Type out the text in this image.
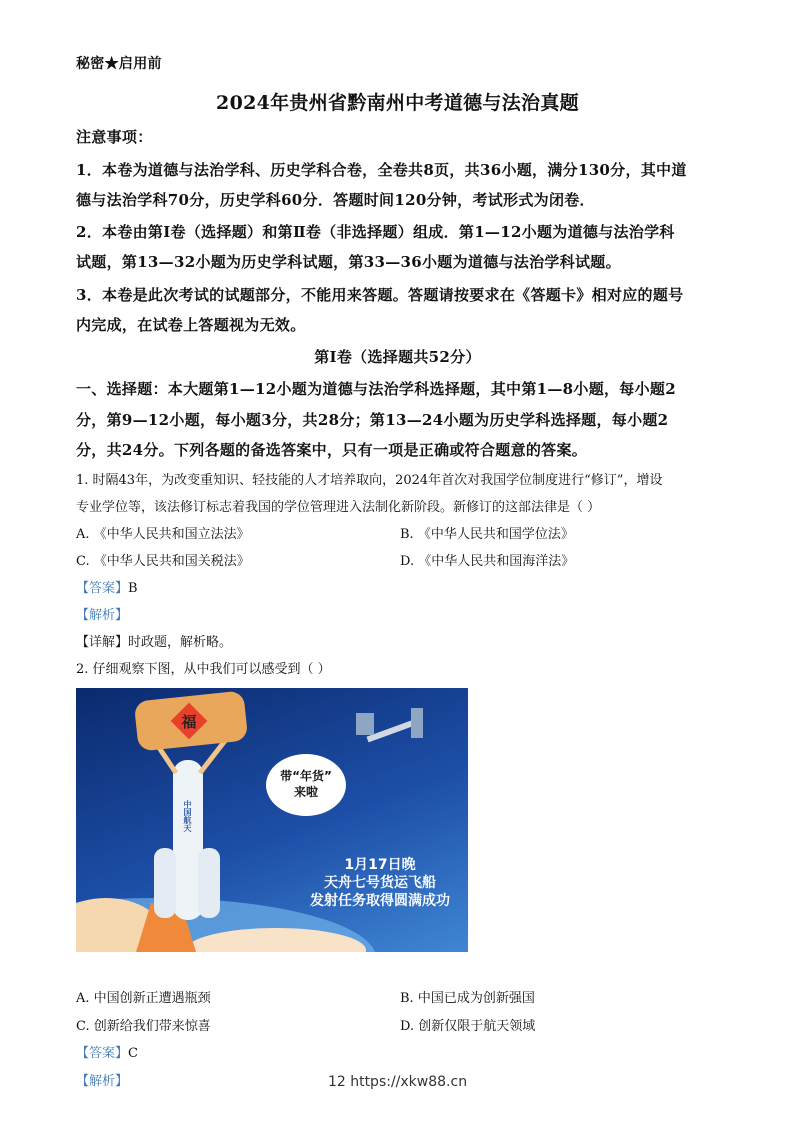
秘密★启用前
2024年贵州省黔南州中考道德与法治真题
注意事项：
1．本卷为道德与法治学科、历史学科合卷，全卷共8页，共36小题，满分130分，其中道
德与法治学科70分，历史学科60分．答题时间120分钟，考试形式为闭卷．
2．本卷由第Ⅰ卷（选择题）和第Ⅱ卷（非选择题）组成．第1—12小题为道德与法治学科
试题，第13—32小题为历史学科试题，第33—36小题为道德与法治学科试题。
3．本卷是此次考试的试题部分，不能用来答题。答题请按要求在《答题卡》相对应的题号
内完成，在试卷上答题视为无效。
第Ⅰ卷（选择题共52分）
一、选择题：本大题第1—12小题为道德与法治学科选择题，其中第1—8小题，每小题2
分，第9—12小题，每小题3分，共28分；第13—24小题为历史学科选择题，每小题2
分，共24分。下列各题的备选答案中，只有一项是正确或符合题意的答案。
1. 时隔43年，为改变重知识、轻技能的人才培养取向，2024年首次对我国学位制度进行“修订”，增设
专业学位等，该法修订标志着我国的学位管理进入法制化新阶段。新修订的这部法律是（ ）
A. 《中华人民共和国立法法》	B. 《中华人民共和国学位法》
C. 《中华人民共和国关税法》	D. 《中华人民共和国海洋法》
【答案】B
【解析】
【详解】时政题，解析略。
2. 仔细观察下图，从中我们可以感受到（ ）
福
中国航天
带“年货”
来啦
1月17日晚
天舟七号货运飞船
发射任务取得圆满成功
A. 中国创新正遭遇瓶颈	B. 中国已成为创新强国
C. 创新给我们带来惊喜	D. 创新仅限于航天领域
【答案】C
【解析】	12 https://xkw88.cn
